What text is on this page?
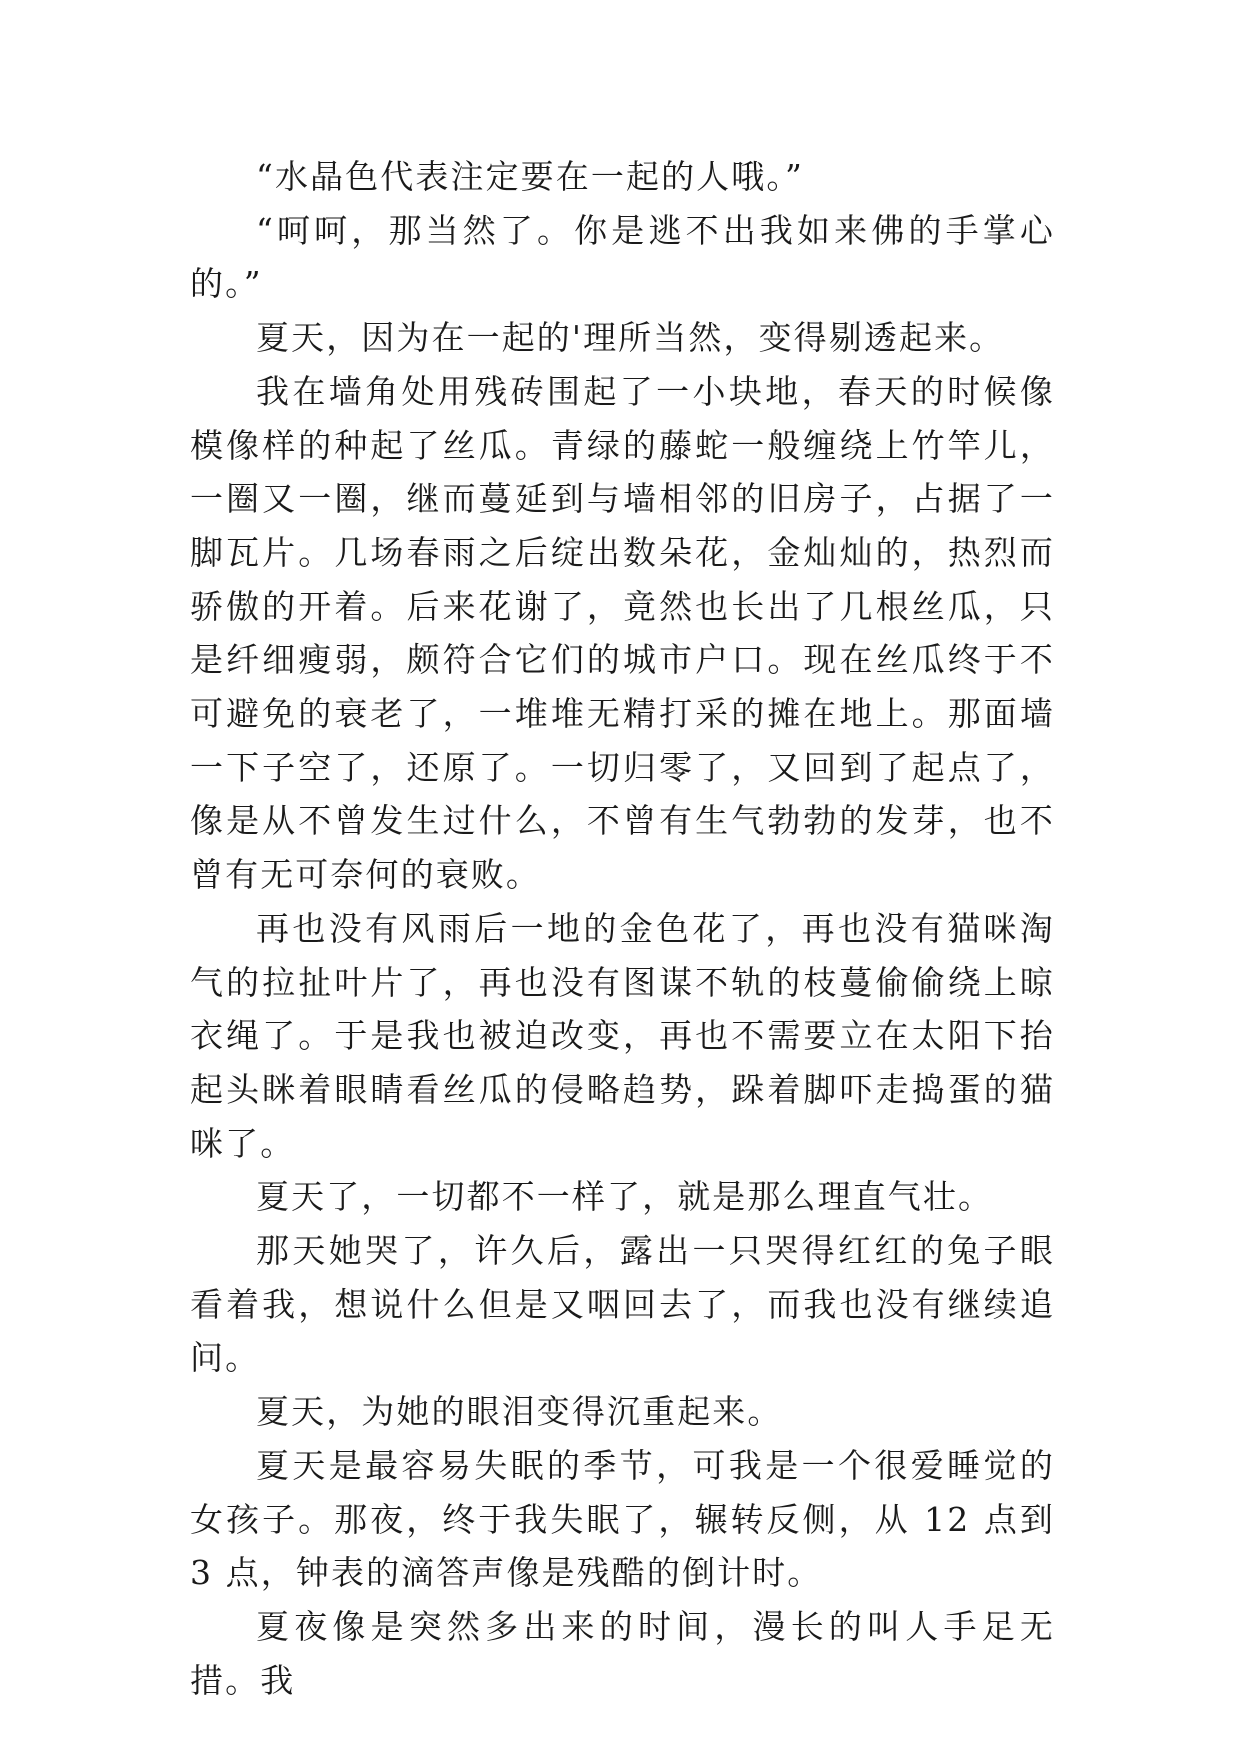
“水晶色代表注定要在一起的人哦。”

“呵呵，那当然了。你是逃不出我如来佛的手掌心的。”

夏天，因为在一起的'理所当然，变得剔透起来。

我在墙角处用残砖围起了一小块地，春天的时候像模像样的种起了丝瓜。青绿的藤蛇一般缠绕上竹竿儿，一圈又一圈，继而蔓延到与墙相邻的旧房子，占据了一脚瓦片。几场春雨之后绽出数朵花，金灿灿的，热烈而骄傲的开着。后来花谢了，竟然也长出了几根丝瓜，只是纤细瘦弱，颇符合它们的城市户口。现在丝瓜终于不可避免的衰老了，一堆堆无精打采的摊在地上。那面墙一下子空了，还原了。一切归零了，又回到了起点了，像是从不曾发生过什么，不曾有生气勃勃的发芽，也不曾有无可奈何的衰败。

再也没有风雨后一地的金色花了，再也没有猫咪淘气的拉扯叶片了，再也没有图谋不轨的枝蔓偷偷绕上晾衣绳了。于是我也被迫改变，再也不需要立在太阳下抬起头眯着眼睛看丝瓜的侵略趋势，跺着脚吓走捣蛋的猫咪了。

夏天了，一切都不一样了，就是那么理直气壮。

那天她哭了，许久后，露出一只哭得红红的兔子眼看着我，想说什么但是又咽回去了，而我也没有继续追问。

夏天，为她的眼泪变得沉重起来。

夏天是最容易失眠的季节，可我是一个很爱睡觉的女孩子。那夜，终于我失眠了，辗转反侧，从 12 点到 3 点，钟表的滴答声像是残酷的倒计时。

夏夜像是突然多出来的时间，漫长的叫人手足无措。我
